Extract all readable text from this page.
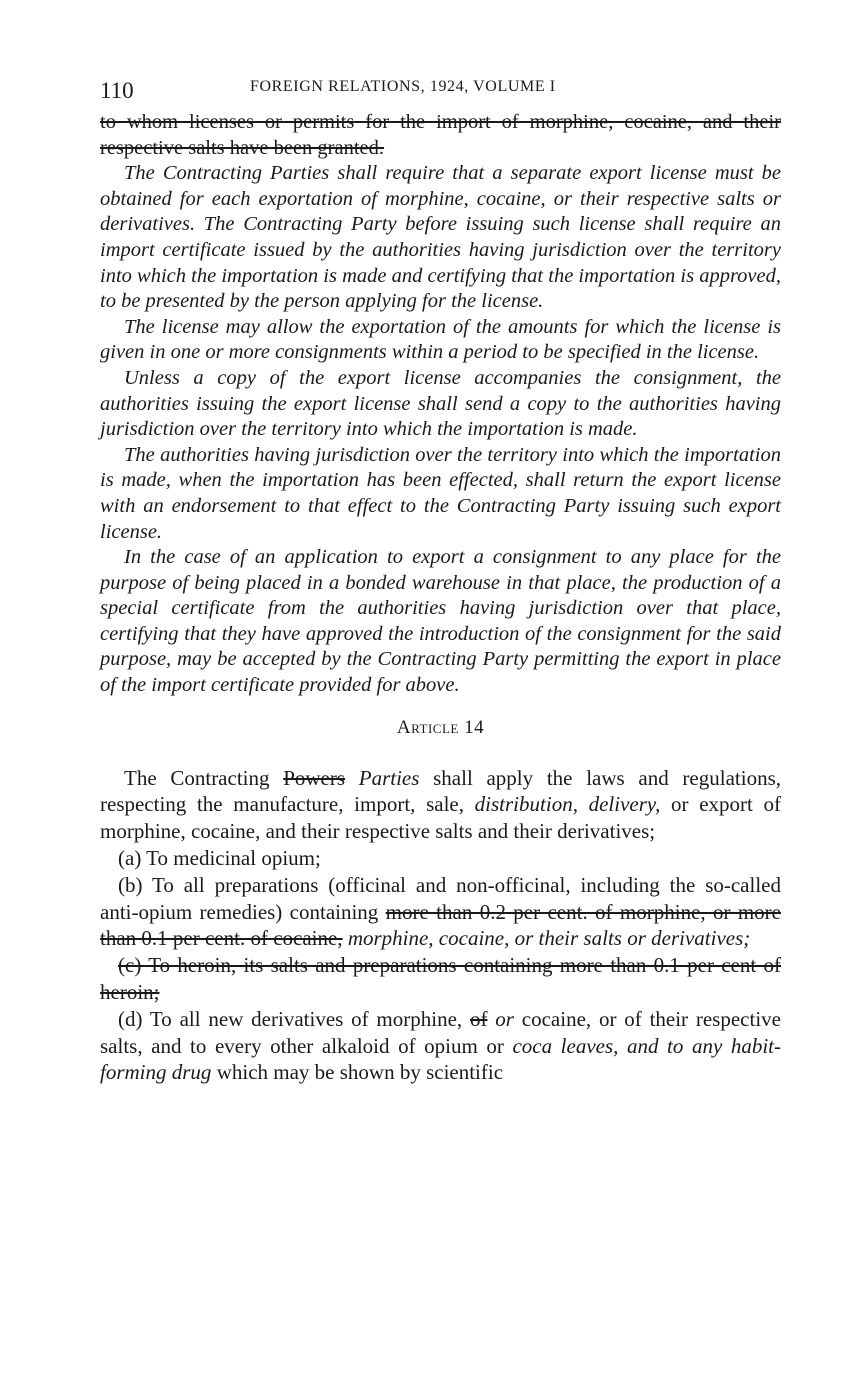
110	FOREIGN RELATIONS, 1924, VOLUME I

to whom licenses or permits for the import of morphine, cocaine, and their respective salts have been granted.

The Contracting Parties shall require that a separate export license must be obtained for each exportation of morphine, cocaine, or their respective salts or derivatives. The Contracting Party before issuing such license shall require an import certificate issued by the authorities having jurisdiction over the territory into which the importation is made and certifying that the importation is approved, to be presented by the person applying for the license.

The license may allow the exportation of the amounts for which the license is given in one or more consignments within a period to be specified in the license.

Unless a copy of the export license accompanies the consignment, the authorities issuing the export license shall send a copy to the authorities having jurisdiction over the territory into which the importation is made.

The authorities having jurisdiction over the territory into which the importation is made, when the importation has been effected, shall return the export license with an endorsement to that effect to the Contracting Party issuing such export license.

In the case of an application to export a consignment to any place for the purpose of being placed in a bonded warehouse in that place, the production of a special certificate from the authorities having jurisdiction over that place, certifying that they have approved the introduction of the consignment for the said purpose, may be accepted by the Contracting Party permitting the export in place of the import certificate provided for above.

Article 14

The Contracting Powers Parties shall apply the laws and regulations, respecting the manufacture, import, sale, distribution, delivery, or export of morphine, cocaine, and their respective salts and their derivatives;

(a) To medicinal opium;

(b) To all preparations (officinal and non-officinal, including the so-called anti-opium remedies) containing more than 0.2 per cent. of morphine, or more than 0.1 per cent. of cocaine, morphine, cocaine, or their salts or derivatives;

(c) To heroin, its salts and preparations containing more than 0.1 per cent of heroin;

(d) To all new derivatives of morphine, of or cocaine, or of their respective salts, and to every other alkaloid of opium or coca leaves, and to any habit-forming drug which may be shown by scientific
